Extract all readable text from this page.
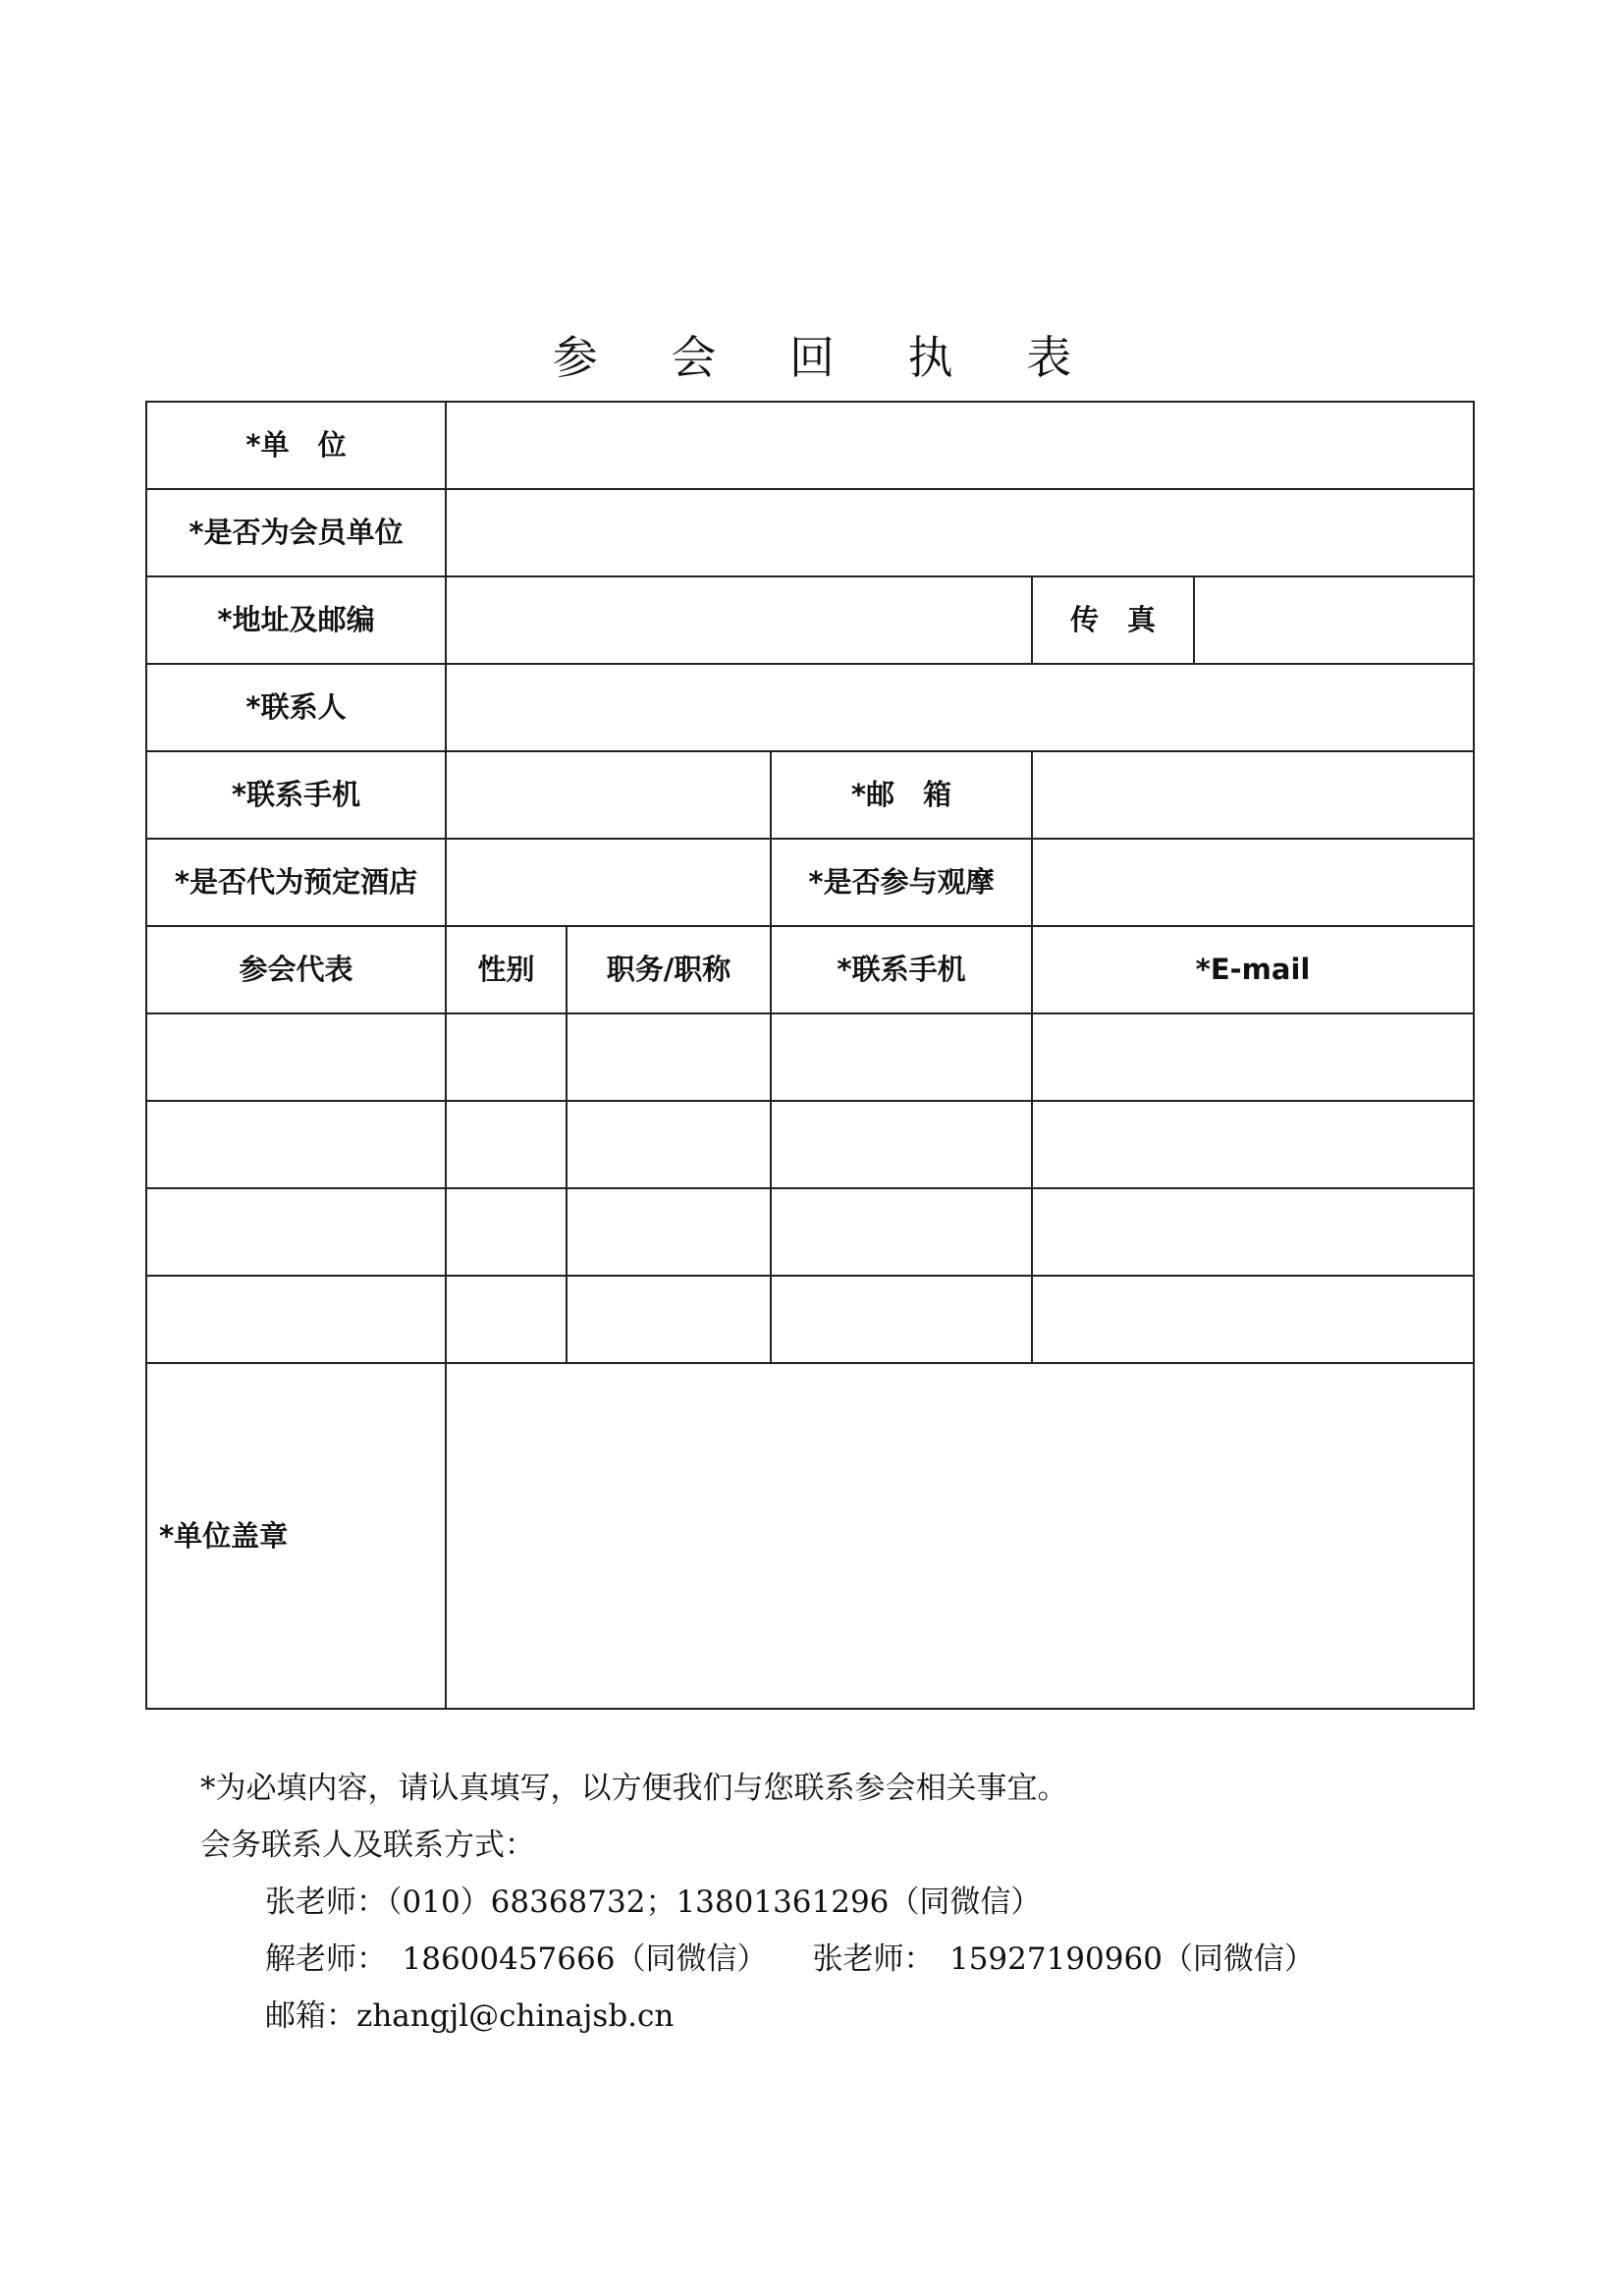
参 会 回 执 表
*单　位					
*是否为会员单位					
*地址及邮编				传　真	
*联系人					
*联系手机			*邮　箱		
*是否代为预定酒店			*是否参与观摩		
参会代表	性别	职务/职称	*联系手机	*E-mail	

*单位盖章					
*为必填内容，请认真填写，以方便我们与您联系参会相关事宜。
会务联系人及联系方式：
张老师：（010）68368732；13801361296（同微信）
解老师：　18600457666（同微信） 张老师：　15927190960（同微信）
邮箱：zhangjl@chinajsb.cn
